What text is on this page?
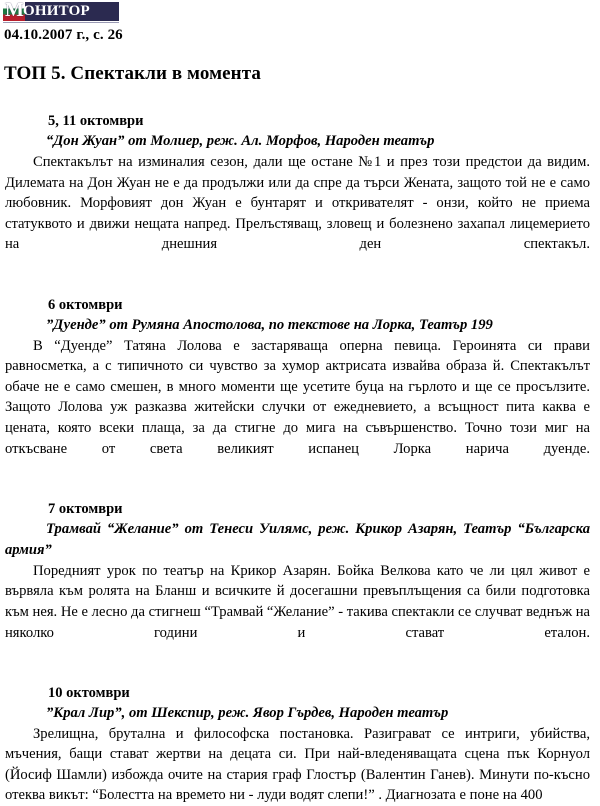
М ОНИТОР
04.10.2007 г., с. 26
ТОП 5. Спектакли в момента
5, 11 октомври

“Дон Жуан” от Молиер, реж. Ал. Морфов, Народен театър

Спектакълът на изминалия сезон, дали ще остане №1 и през този предстои да видим. Дилемата на Дон Жуан не е да продължи или да спре да търси Жената, защото той не е само любовник. Морфовият дон Жуан е бунтарят и откривателят - онзи, който не приема статуквото и движи нещата напред. Прелъстяващ, зловещ и болезнено захапал лицемерието на днешния ден спектакъл.

6 октомври

”Дуенде” от Румяна Апостолова, по текстове на Лорка, Театър 199

В “Дуенде” Татяна Лолова е застаряваща оперна певица. Героинята си прави равносметка, а с типичното си чувство за хумор актрисата извайва образа й. Спектакълът обаче не е само смешен, в много моменти ще усетите буца на гърлото и ще се просълзите. Защото Лолова уж разказва житейски случки от ежедневието, а всъщност пита каква е цената, която всеки плаща, за да стигне до мига на съвършенство. Точно този миг на откъсване от света великият испанец Лорка нарича дуенде.

7 октомври

Трамвай “Желание” от Тенеси Уилямс, реж. Крикор Азарян, Театър “Българска армия”

Поредният урок по театър на Крикор Азарян. Бойка Велкова като че ли цял живот е вървяла към ролята на Бланш и всичките й досегашни превъплъщения са били подготовка към нея. Не е лесно да стигнеш “Трамвай “Желание” - такива спектакли се случват веднъж на няколко години и стават еталон.

10 октомври

”Крал Лир”, от Шекспир, реж. Явор Гърдев, Народен театър

Зрелищна, брутална и философска постановка. Разиграват се интриги, убийства, мъчения, бащи стават жертви на децата си. При най-вледеняващата сцена пък Корнуол (Йосиф Шамли) избожда очите на стария граф Глостър (Валентин Ганев). Минути по-късно отеква викът: “Болестта на времето ни - луди водят слепи!” . Диагнозата е поне на 400
